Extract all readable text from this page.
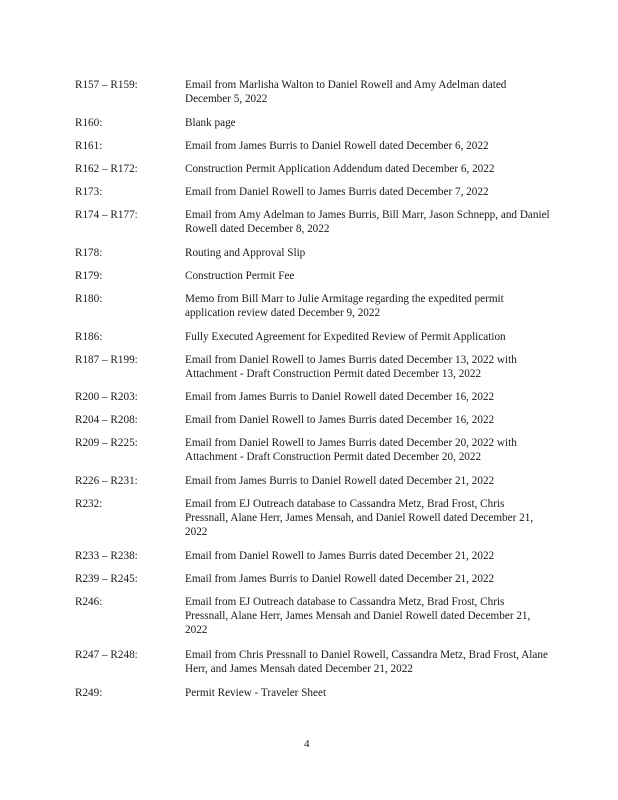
R157 – R159:	Email from Marlisha Walton to Daniel Rowell and Amy Adelman dated December 5, 2022
R160:	Blank page
R161:	Email from James Burris to Daniel Rowell dated December 6, 2022
R162 – R172:	Construction Permit Application Addendum dated December 6, 2022
R173:	Email from Daniel Rowell to James Burris dated December 7, 2022
R174 – R177:	Email from Amy Adelman to James Burris, Bill Marr, Jason Schnepp, and Daniel Rowell dated December 8, 2022
R178:	Routing and Approval Slip
R179:	Construction Permit Fee
R180:	Memo from Bill Marr to Julie Armitage regarding the expedited permit application review dated December 9, 2022
R186:	Fully Executed Agreement for Expedited Review of Permit Application
R187 – R199:	Email from Daniel Rowell to James Burris dated December 13, 2022 with Attachment - Draft Construction Permit dated December 13, 2022
R200 – R203:	Email from James Burris to Daniel Rowell dated December 16, 2022
R204 – R208:	Email from Daniel Rowell to James Burris dated December 16, 2022
R209 – R225:	Email from Daniel Rowell to James Burris dated December 20, 2022 with Attachment - Draft Construction Permit dated December 20, 2022
R226 – R231:	Email from James Burris to Daniel Rowell dated December 21, 2022
R232:	Email from EJ Outreach database to Cassandra Metz, Brad Frost, Chris Pressnall, Alane Herr, James Mensah, and Daniel Rowell dated December 21, 2022
R233 – R238:	Email from Daniel Rowell to James Burris dated December 21, 2022
R239 – R245:	Email from James Burris to Daniel Rowell dated December 21, 2022
R246:	Email from EJ Outreach database to Cassandra Metz, Brad Frost, Chris Pressnall, Alane Herr, James Mensah and Daniel Rowell dated December 21, 2022
R247 – R248:	Email from Chris Pressnall to Daniel Rowell, Cassandra Metz, Brad Frost, Alane Herr, and James Mensah dated December 21, 2022
R249:	Permit Review - Traveler Sheet
4
